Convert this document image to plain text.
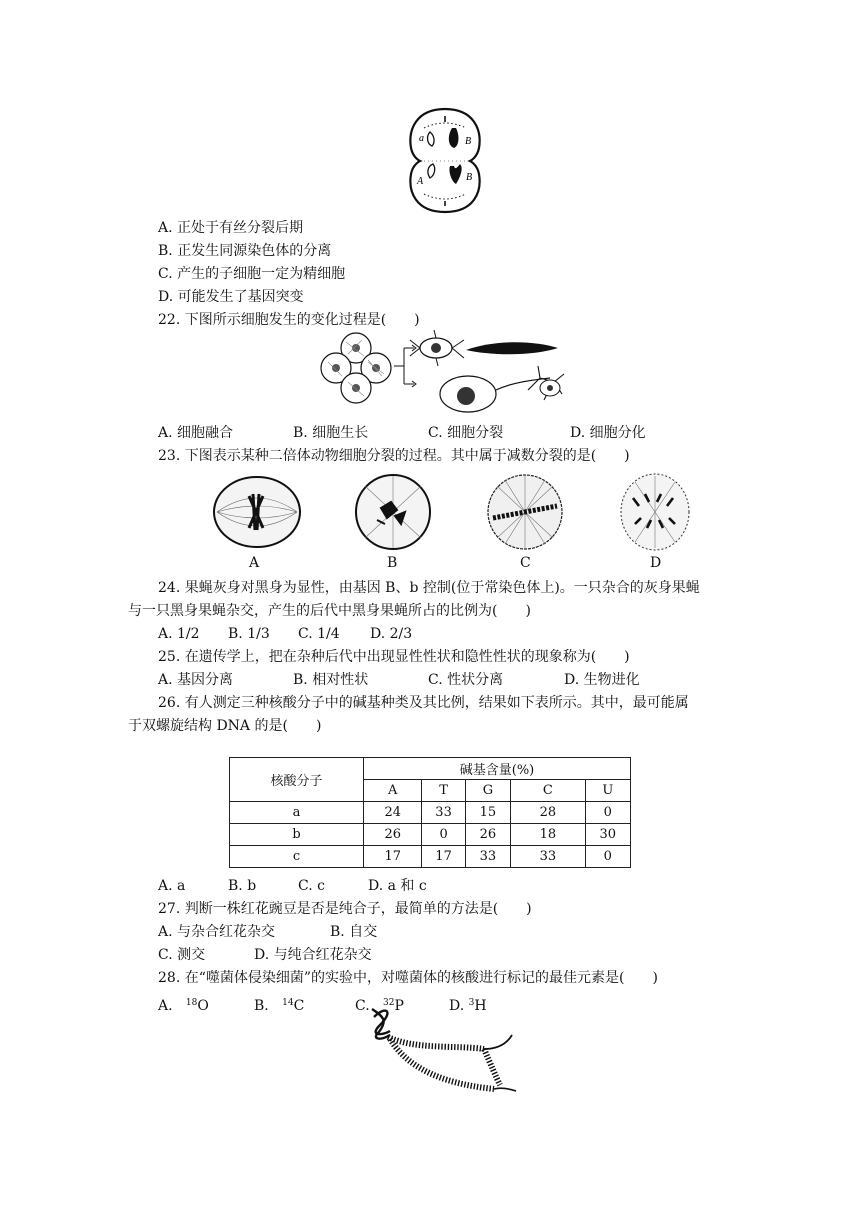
a	B
A	B
A. 正处于有丝分裂后期
B. 正发生同源染色体的分离
C. 产生的子细胞一定为精细胞
D. 可能发生了基因突变
22. 下图所示细胞发生的变化过程是(　　)
A. 细胞融合	B. 细胞生长	C. 细胞分裂	D. 细胞分化
23. 下图表示某种二倍体动物细胞分裂的过程。其中属于减数分裂的是(　　)
A	B	C	D
24. 果蝇灰身对黑身为显性，由基因 B、b 控制(位于常染色体上)。一只杂合的灰身果蝇
与一只黑身果蝇杂交，产生的后代中黑身果蝇所占的比例为(　　)
A. 1/2 B. 1/3 C. 1/4 D. 2/3
25. 在遗传学上，把在杂种后代中出现显性性状和隐性性状的现象称为(　　)
A. 基因分离	B. 相对性状	C. 性状分离	D. 生物进化
26. 有人测定三种核酸分子中的碱基种类及其比例，结果如下表所示。其中，最可能属
于双螺旋结构 DNA 的是(　　)
核酸分子	碱基含量(%)				
	A	T	G	C	U
a	24	33	15	28	0
b	26	0	26	18	30
c	17	17	33	33	0
A. a	B. b	C. c	D. a 和 c
27. 判断一株红花豌豆是否是纯合子，最简单的方法是(　　)
A. 与杂合红花杂交	B. 自交
C. 测交	D. 与纯合红花杂交
28. 在“噬菌体侵染细菌”的实验中，对噬菌体的核酸进行标记的最佳元素是(　　)
A. $^{18}$O	B. $^{14}$C	C. $^{32}$P	D. $^3$H
